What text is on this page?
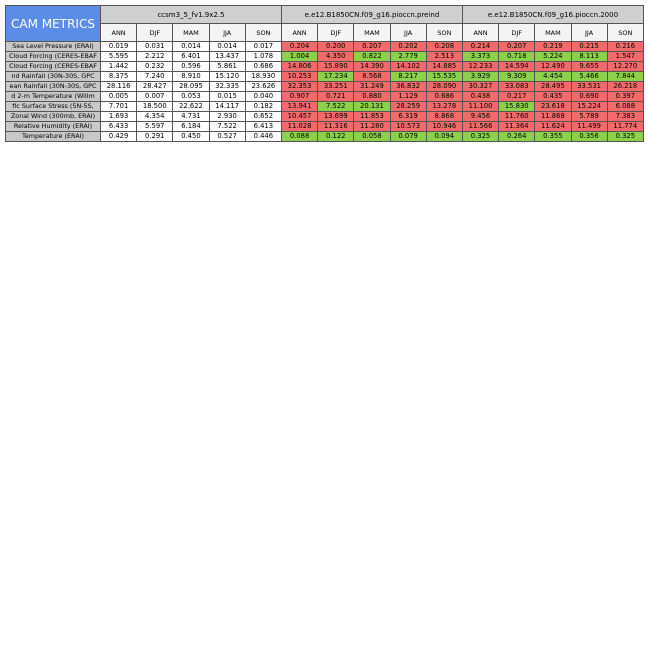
CAM METRICS	ccsm3_5_fv1.9x2.5					e.e12.B1850CN.f09_g16.pioccn.preind					e.e12.B1850CN.f09_g16.pioccn.2000				
	ANN	DJF	MAM	JJA	SON	ANN	DJF	MAM	JJA	SON	ANN	DJF	MAM	JJA	SON
Sea Level Pressure (ERAI)	0.019	0.031	0.014	0.014	0.017	0.204	0.200	0.207	0.202	0.208	0.214	0.207	0.219	0.215	0.216
Cloud Forcing (CERES-EBAF	5.595	2.212	6.401	13.437	1.078	1.004	4.350	0.822	2.779	2.513	3.373	0.718	5.224	8.113	1.547
Cloud Forcing (CERES-EBAF	1.442	0.232	0.596	5.861	0.686	14.806	15.890	14.390	14.102	14.885	12.233	14.594	12.490	9.655	12.270
nd Rainfall (30N-30S, GPC	8.375	7.240	8.910	15.120	18.930	10.253	17.234	8.568	8.217	15.535	3.929	9.309	4.454	5.466	7.844
ean Rainfall (30N-30S, GPC	28.116	28.427	28.095	32.335	23.626	32.353	33.251	31.249	36.832	28.090	30.327	33.083	28.495	33.531	26.218
d 2-m Temperature (Willm	0.005	0.007	0.053	0.015	0.040	0.907	0.721	0.880	1.129	0.686	0.438	0.217	0.435	0.690	0.397
fic Surface Stress (5N-5S,	7.701	18.500	22.622	14.117	0.182	13.941	7.522	20.131	28.259	13.278	11.100	15.830	23.618	15.224	6.088
Zonal Wind (300mb, ERAI)	1.693	4.354	4.731	2.930	0.652	10.457	13.699	11.853	6.319	8.868	9.456	11.760	11.868	5.789	7.383
Relative Humidity (ERAI)	6.433	5.597	6.184	7.522	6.413	11.028	11.316	11.280	10.573	10.946	11.566	11.364	11.624	11.499	11.774
Temperature (ERAI)	0.429	0.291	0.450	0.527	0.446	0.088	0.122	0.058	0.079	0.094	0.325	0.264	0.355	0.356	0.325
